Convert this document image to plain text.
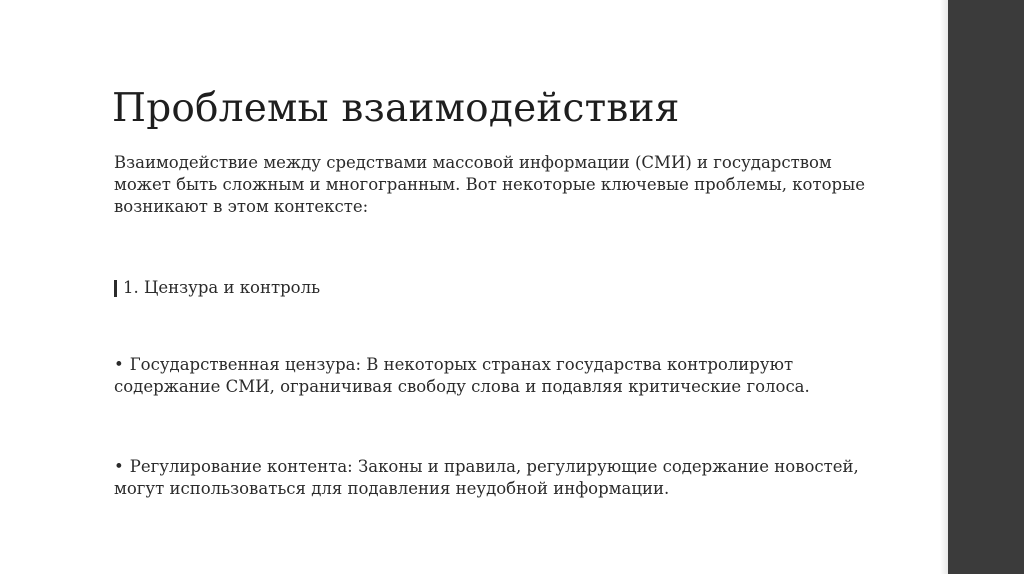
Проблемы взаимодействия

Взаимодействие между средствами массовой информации (СМИ) и государством может быть сложным и многогранным. Вот некоторые ключевые проблемы, которые возникают в этом контексте:

1. Цензура и контроль

• Государственная цензура: В некоторых странах государства контролируют содержание СМИ, ограничивая свободу слова и подавляя критические голоса.

• Регулирование контента: Законы и правила, регулирующие содержание новостей, могут использоваться для подавления неудобной информации.
